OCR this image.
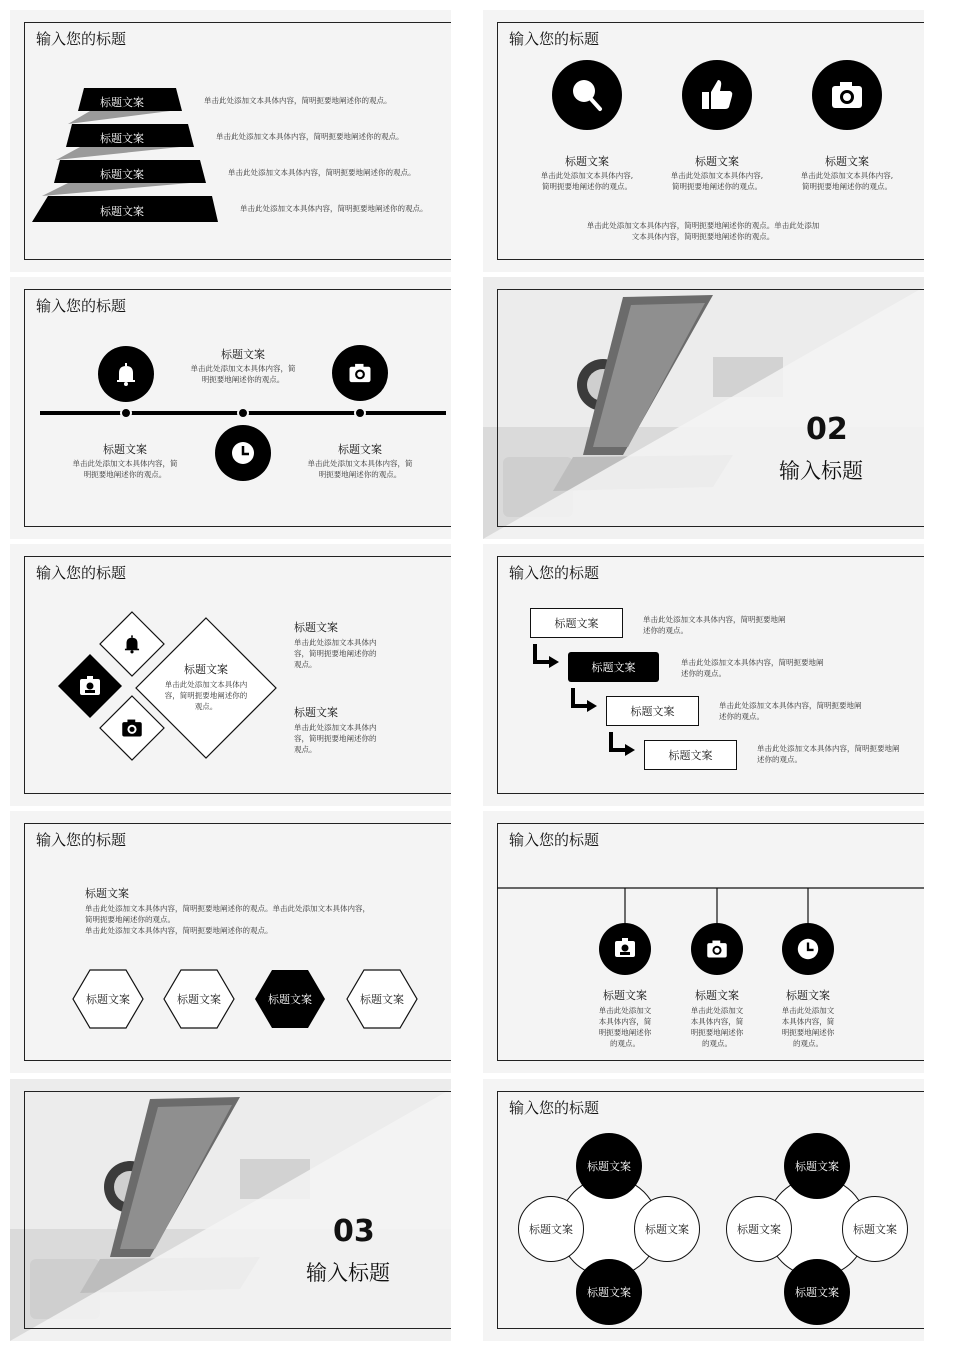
输入您的标题
标题文案
标题文案
标题文案
标题文案
单击此处添加文本具体内容，简明扼要地阐述你的观点。
单击此处添加文本具体内容，简明扼要地阐述你的观点。
单击此处添加文本具体内容，简明扼要地阐述你的观点。
单击此处添加文本具体内容，简明扼要地阐述你的观点。
输入您的标题
标题文案
单击此处添加文本具体内容,
简明扼要地阐述你的观点。
标题文案
单击此处添加文本具体内容,
简明扼要地阐述你的观点。
标题文案
单击此处添加文本具体内容,
简明扼要地阐述你的观点。
单击此处添加文本具体内容，简明扼要地阐述你的观点。单击此处添加
文本具体内容，简明扼要地阐述你的观点。
输入您的标题
标题文案
单击此处添加文本具体内容，简
明扼要地阐述你的观点。
标题文案
单击此处添加文本具体内容，简
明扼要地阐述你的观点。
标题文案
单击此处添加文本具体内容，简
明扼要地阐述你的观点。
02
输入标题
输入您的标题
标题文案
单击此处添加文本具体内
容，简明扼要地阐述你的
观点。
标题文案
单击此处添加文本具体内
容，简明扼要地阐述你的
观点。
标题文案
单击此处添加文本具体内
容，简明扼要地阐述你的
观点。
输入您的标题
标题文案
标题文案
标题文案
标题文案
单击此处添加文本具体内容，简明扼要地阐
述你的观点。
单击此处添加文本具体内容，简明扼要地阐
述你的观点。
单击此处添加文本具体内容，简明扼要地阐
述你的观点。
单击此处添加文本具体内容，简明扼要地阐
述你的观点。
输入您的标题
标题文案
单击此处添加文本具体内容，简明扼要地阐述你的观点。单击此处添加文本具体内容，
简明扼要地阐述你的观点。
单击此处添加文本具体内容，简明扼要地阐述你的观点。
标题文案	标题文案	标题文案	标题文案
输入您的标题
标题文案
单击此处添加文
本具体内容，简
明扼要地阐述你
的观点。
标题文案
单击此处添加文
本具体内容，简
明扼要地阐述你
的观点。
标题文案
单击此处添加文
本具体内容，简
明扼要地阐述你
的观点。
03
输入标题
输入您的标题
标题文案
标题文案	标题文案
标题文案
标题文案
标题文案	标题文案
标题文案
